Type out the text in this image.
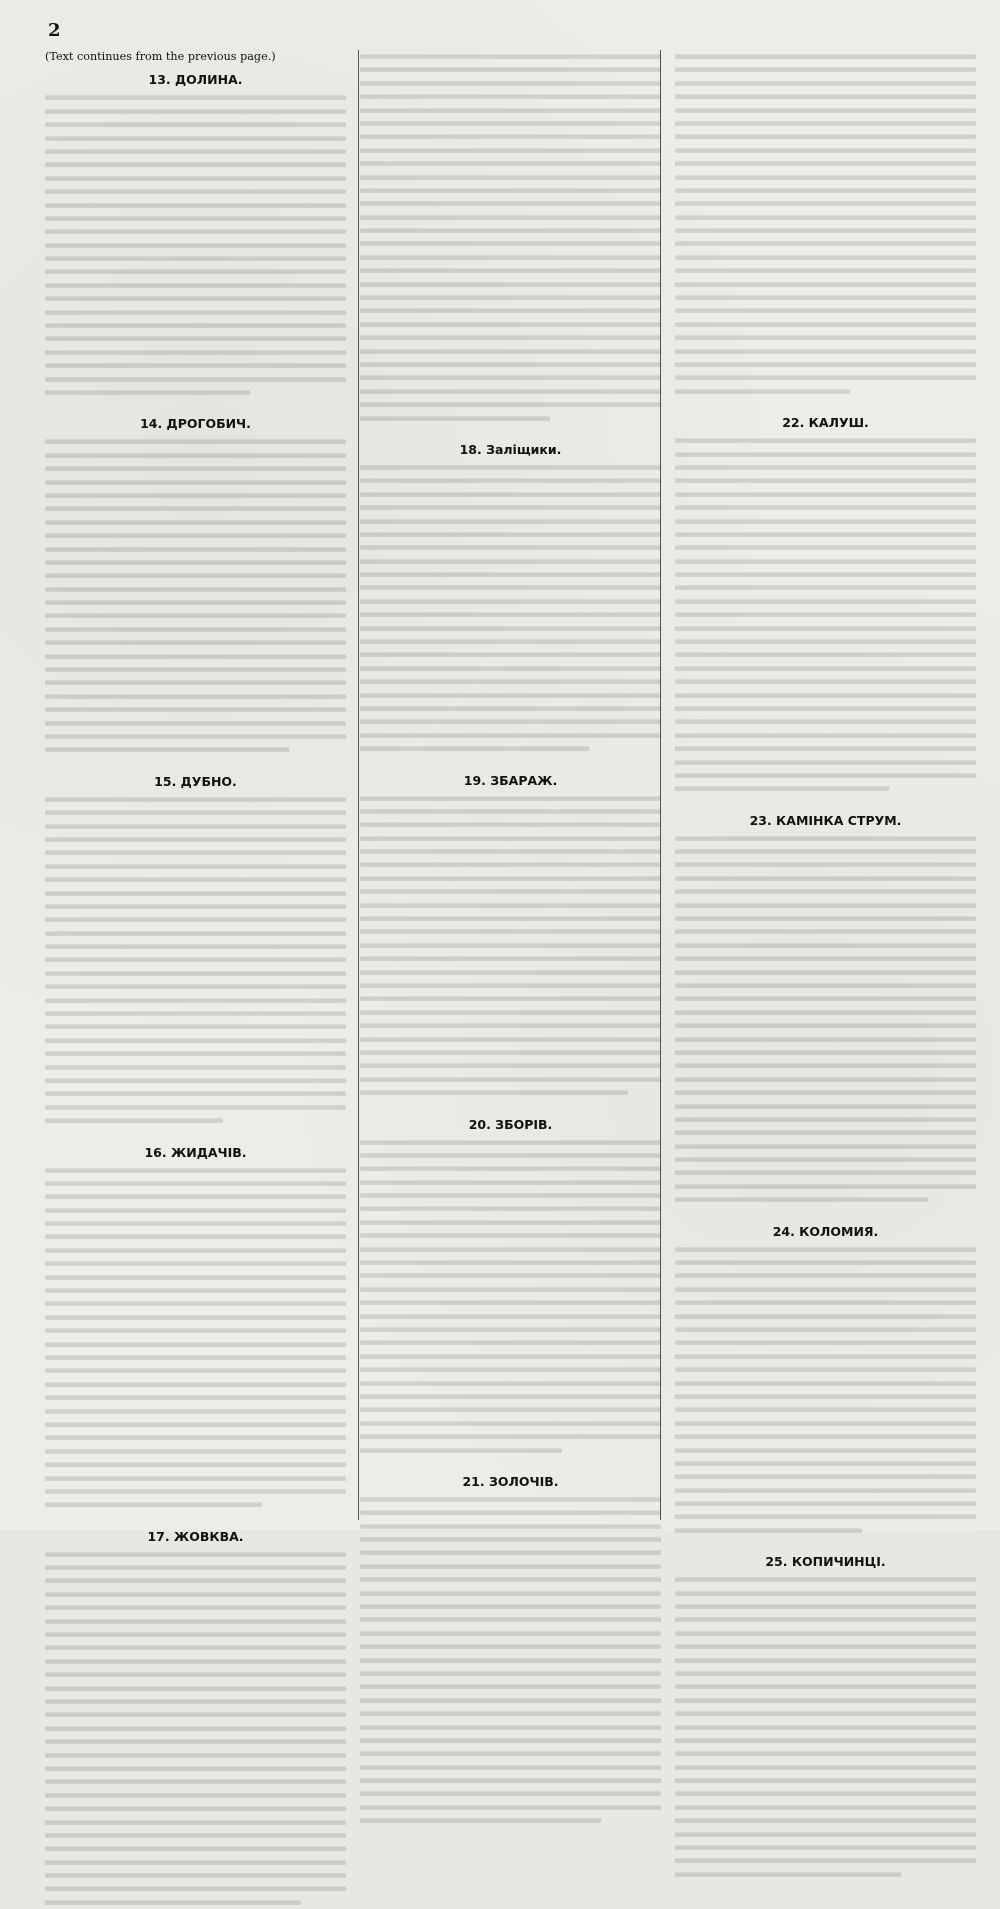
2
(Text continues from the previous page.)
13. ДОЛИНА.
14. ДРОГОБИЧ.
15. ДУБНО.
16. ЖИДАЧІВ.
17. ЖОВКВА.
18. Заліщики.
19. ЗБАРАЖ.
20. ЗБОРІВ.
21. ЗОЛОЧІВ.
22. КАЛУШ.
23. КАМІНКА СТРУМ.
24. КОЛОМИЯ.
25. КОПИЧИНЦІ.
